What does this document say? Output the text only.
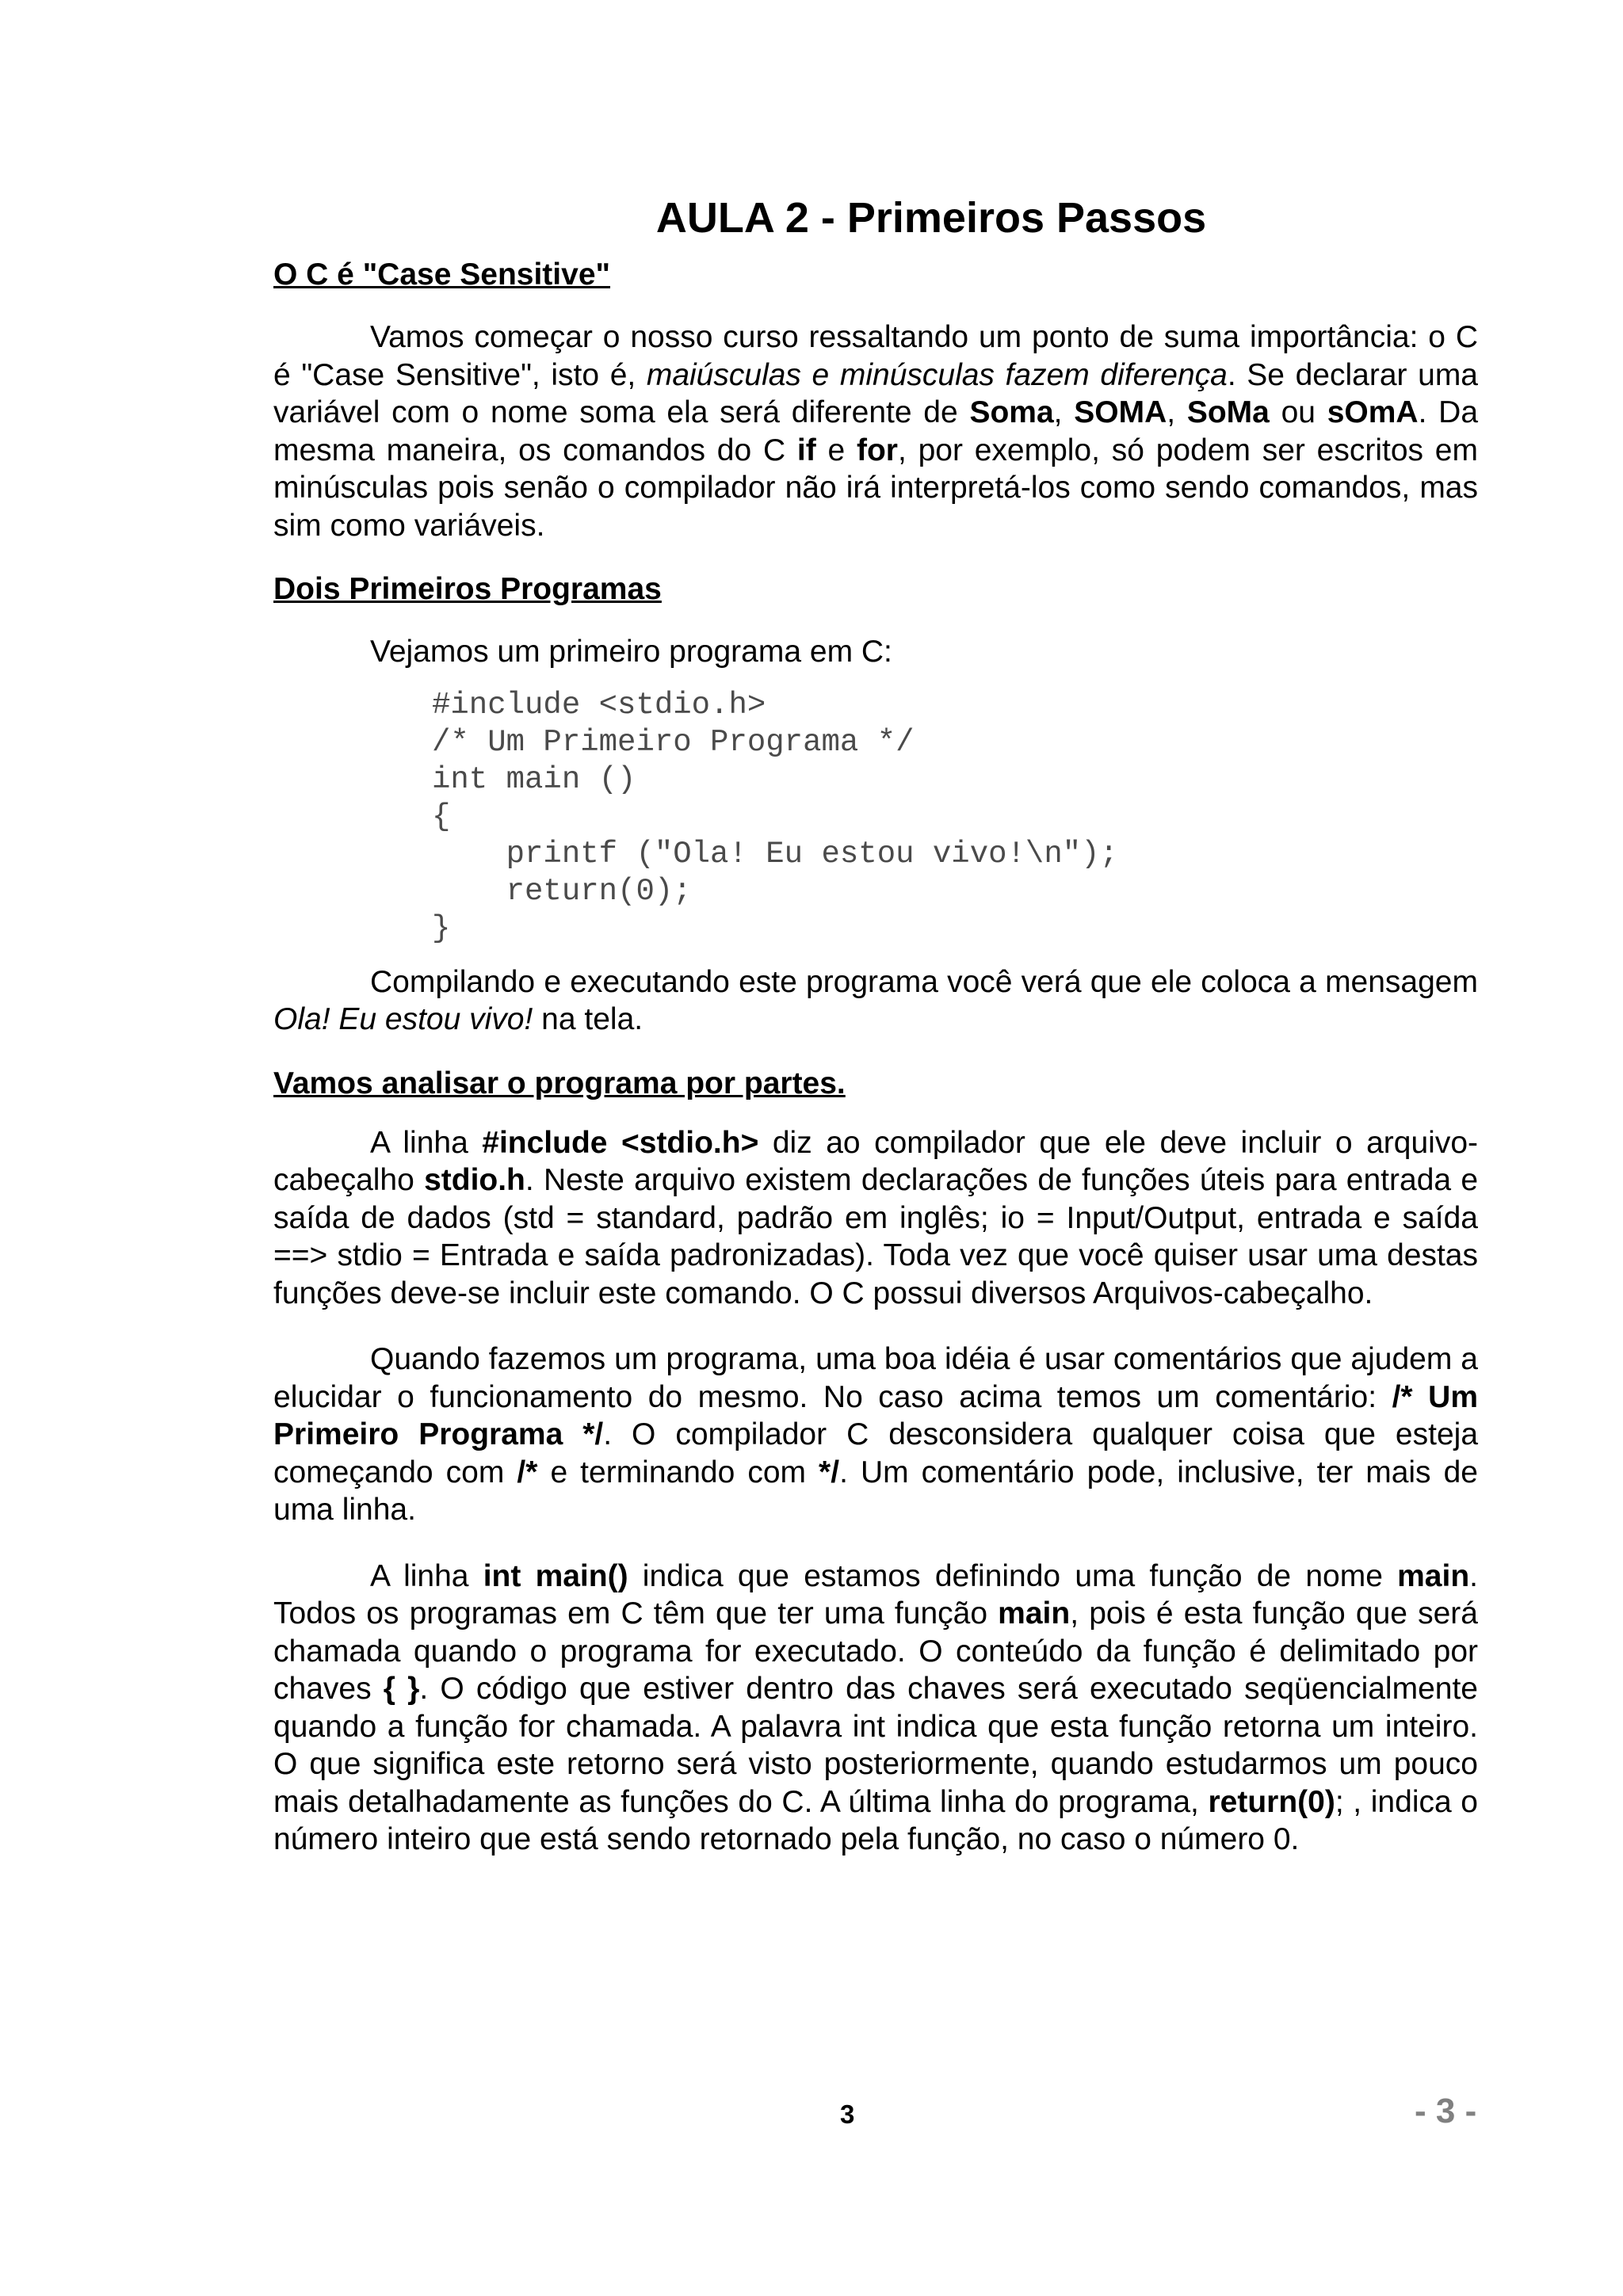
AULA 2 - Primeiros Passos
O C é "Case Sensitive"

Vamos começar o nosso curso ressaltando um ponto de suma importância: o C é "Case Sensitive", isto é, maiúsculas e minúsculas fazem diferença. Se declarar uma variável com o nome soma ela será diferente de Soma, SOMA, SoMa ou sOmA. Da mesma maneira, os comandos do C if e for, por exemplo, só podem ser escritos em minúsculas pois senão o compilador não irá interpretá-los como sendo comandos, mas sim como variáveis.

Dois Primeiros Programas

Vejamos um primeiro programa em C:

#include <stdio.h>
/* Um Primeiro Programa */
int main ()
{
printf ("Ola! Eu estou vivo!\n");
return(0);
}

Compilando e executando este programa você verá que ele coloca a mensagem Ola! Eu estou vivo! na tela.

Vamos analisar o programa por partes.

A linha #include <stdio.h> diz ao compilador que ele deve incluir o arquivo-cabeçalho stdio.h. Neste arquivo existem declarações de funções úteis para entrada e saída de dados (std = standard, padrão em inglês; io = Input/Output, entrada e saída ==> stdio = Entrada e saída padronizadas). Toda vez que você quiser usar uma destas funções deve-se incluir este comando. O C possui diversos Arquivos-cabeçalho.

Quando fazemos um programa, uma boa idéia é usar comentários que ajudem a elucidar o funcionamento do mesmo. No caso acima temos um comentário: /* Um Primeiro Programa */. O compilador C desconsidera qualquer coisa que esteja começando com /* e terminando com */. Um comentário pode, inclusive, ter mais de uma linha.

A linha int main() indica que estamos definindo uma função de nome main. Todos os programas em C têm que ter uma função main, pois é esta função que será chamada quando o programa for executado. O conteúdo da função é delimitado por chaves { }. O código que estiver dentro das chaves será executado seqüencialmente quando a função for chamada. A palavra int indica que esta função retorna um inteiro. O que significa este retorno será visto posteriormente, quando estudarmos um pouco mais detalhadamente as funções do C. A última linha do programa, return(0); , indica o número inteiro que está sendo retornado pela função, no caso o número 0.

3	- 3 -
